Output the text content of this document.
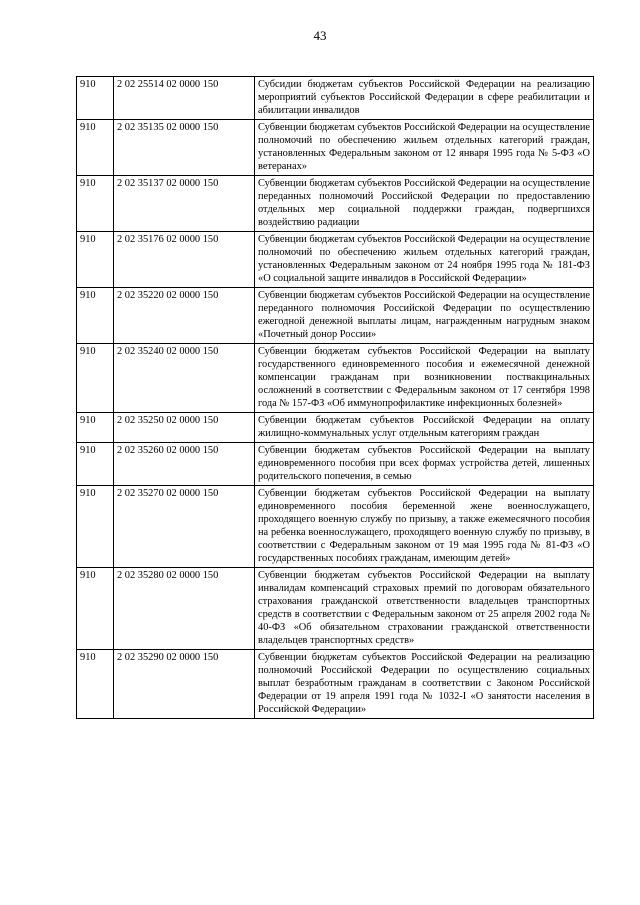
43
910	2 02 25514 02 0000 150	Субсидии бюджетам субъектов Российской Федерации на реализацию мероприятий субъектов Российской Федерации в сфере реабилитации и абилитации инвалидов
910	2 02 35135 02 0000 150	Субвенции бюджетам субъектов Российской Федерации на осуществление полномочий по обеспечению жильем отдельных категорий граждан, установленных Федеральным законом от 12 января 1995 года № 5-ФЗ «О ветеранах»
910	2 02 35137 02 0000 150	Субвенции бюджетам субъектов Российской Федерации на осуществление переданных полномочий Российской Федерации по предоставлению отдельных мер социальной поддержки граждан, подвергшихся воздействию радиации
910	2 02 35176 02 0000 150	Субвенции бюджетам субъектов Российской Федерации на осуществление полномочий по обеспечению жильем отдельных категорий граждан, установленных Федеральным законом от 24 ноября 1995 года № 181-ФЗ «О социальной защите инвалидов в Российской Федерации»
910	2 02 35220 02 0000 150	Субвенции бюджетам субъектов Российской Федерации на осуществление переданного полномочия Российской Федерации по осуществлению ежегодной денежной выплаты лицам, награжденным нагрудным знаком «Почетный донор России»
910	2 02 35240 02 0000 150	Субвенции бюджетам субъектов Российской Федерации на выплату государственного единовременного пособия и ежемесячной денежной компенсации гражданам при возникновении поствакцинальных осложнений в соответствии с Федеральным законом от 17 сентября 1998 года № 157-ФЗ «Об иммунопрофилактике инфекционных болезней»
910	2 02 35250 02 0000 150	Субвенции бюджетам субъектов Российской Федерации на оплату жилищно-коммунальных услуг отдельным категориям граждан
910	2 02 35260 02 0000 150	Субвенции бюджетам субъектов Российской Федерации на выплату единовременного пособия при всех формах устройства детей, лишенных родительского попечения, в семью
910	2 02 35270 02 0000 150	Субвенции бюджетам субъектов Российской Федерации на выплату единовременного пособия беременной жене военнослужащего, проходящего военную службу по призыву, а также ежемесячного пособия на ребенка военнослужащего, проходящего военную службу по призыву, в соответствии с Федеральным законом от 19 мая 1995 года № 81-ФЗ «О государственных пособиях гражданам, имеющим детей»
910	2 02 35280 02 0000 150	Субвенции бюджетам субъектов Российской Федерации на выплату инвалидам компенсаций страховых премий по договорам обязательного страхования гражданской ответственности владельцев транспортных средств в соответствии с Федеральным законом от 25 апреля 2002 года № 40-ФЗ «Об обязательном страховании гражданской ответственности владельцев транспортных средств»
910	2 02 35290 02 0000 150	Субвенции бюджетам субъектов Российской Федерации на реализацию полномочий Российской Федерации по осуществлению социальных выплат безработным гражданам в соответствии с Законом Российской Федерации от 19 апреля 1991 года № 1032-I «О занятости населения в Российской Федерации»
